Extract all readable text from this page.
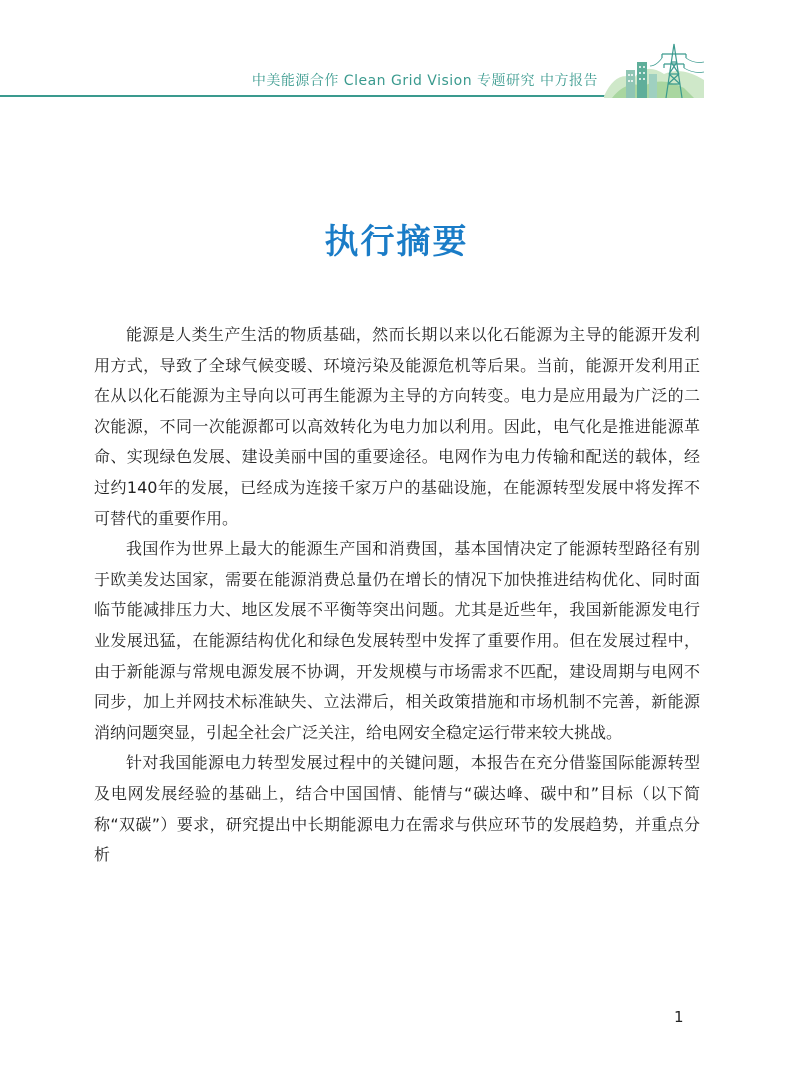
中美能源合作 Clean Grid Vision 专题研究 中方报告
执行摘要

能源是人类生产生活的物质基础，然而长期以来以化石能源为主导的能源开发利用方式，导致了全球气候变暖、环境污染及能源危机等后果。当前，能源开发利用正在从以化石能源为主导向以可再生能源为主导的方向转变。电力是应用最为广泛的二次能源，不同一次能源都可以高效转化为电力加以利用。因此，电气化是推进能源革命、实现绿色发展、建设美丽中国的重要途径。电网作为电力传输和配送的载体，经过约140年的发展，已经成为连接千家万户的基础设施，在能源转型发展中将发挥不可替代的重要作用。

我国作为世界上最大的能源生产国和消费国，基本国情决定了能源转型路径有别于欧美发达国家，需要在能源消费总量仍在增长的情况下加快推进结构优化、同时面临节能减排压力大、地区发展不平衡等突出问题。尤其是近些年，我国新能源发电行业发展迅猛，在能源结构优化和绿色发展转型中发挥了重要作用。但在发展过程中，由于新能源与常规电源发展不协调，开发规模与市场需求不匹配，建设周期与电网不同步，加上并网技术标准缺失、立法滞后，相关政策措施和市场机制不完善，新能源消纳问题突显，引起全社会广泛关注，给电网安全稳定运行带来较大挑战。

针对我国能源电力转型发展过程中的关键问题，本报告在充分借鉴国际能源转型及电网发展经验的基础上，结合中国国情、能情与“碳达峰、碳中和”目标（以下简称“双碳”）要求，研究提出中长期能源电力在需求与供应环节的发展趋势，并重点分析

1
